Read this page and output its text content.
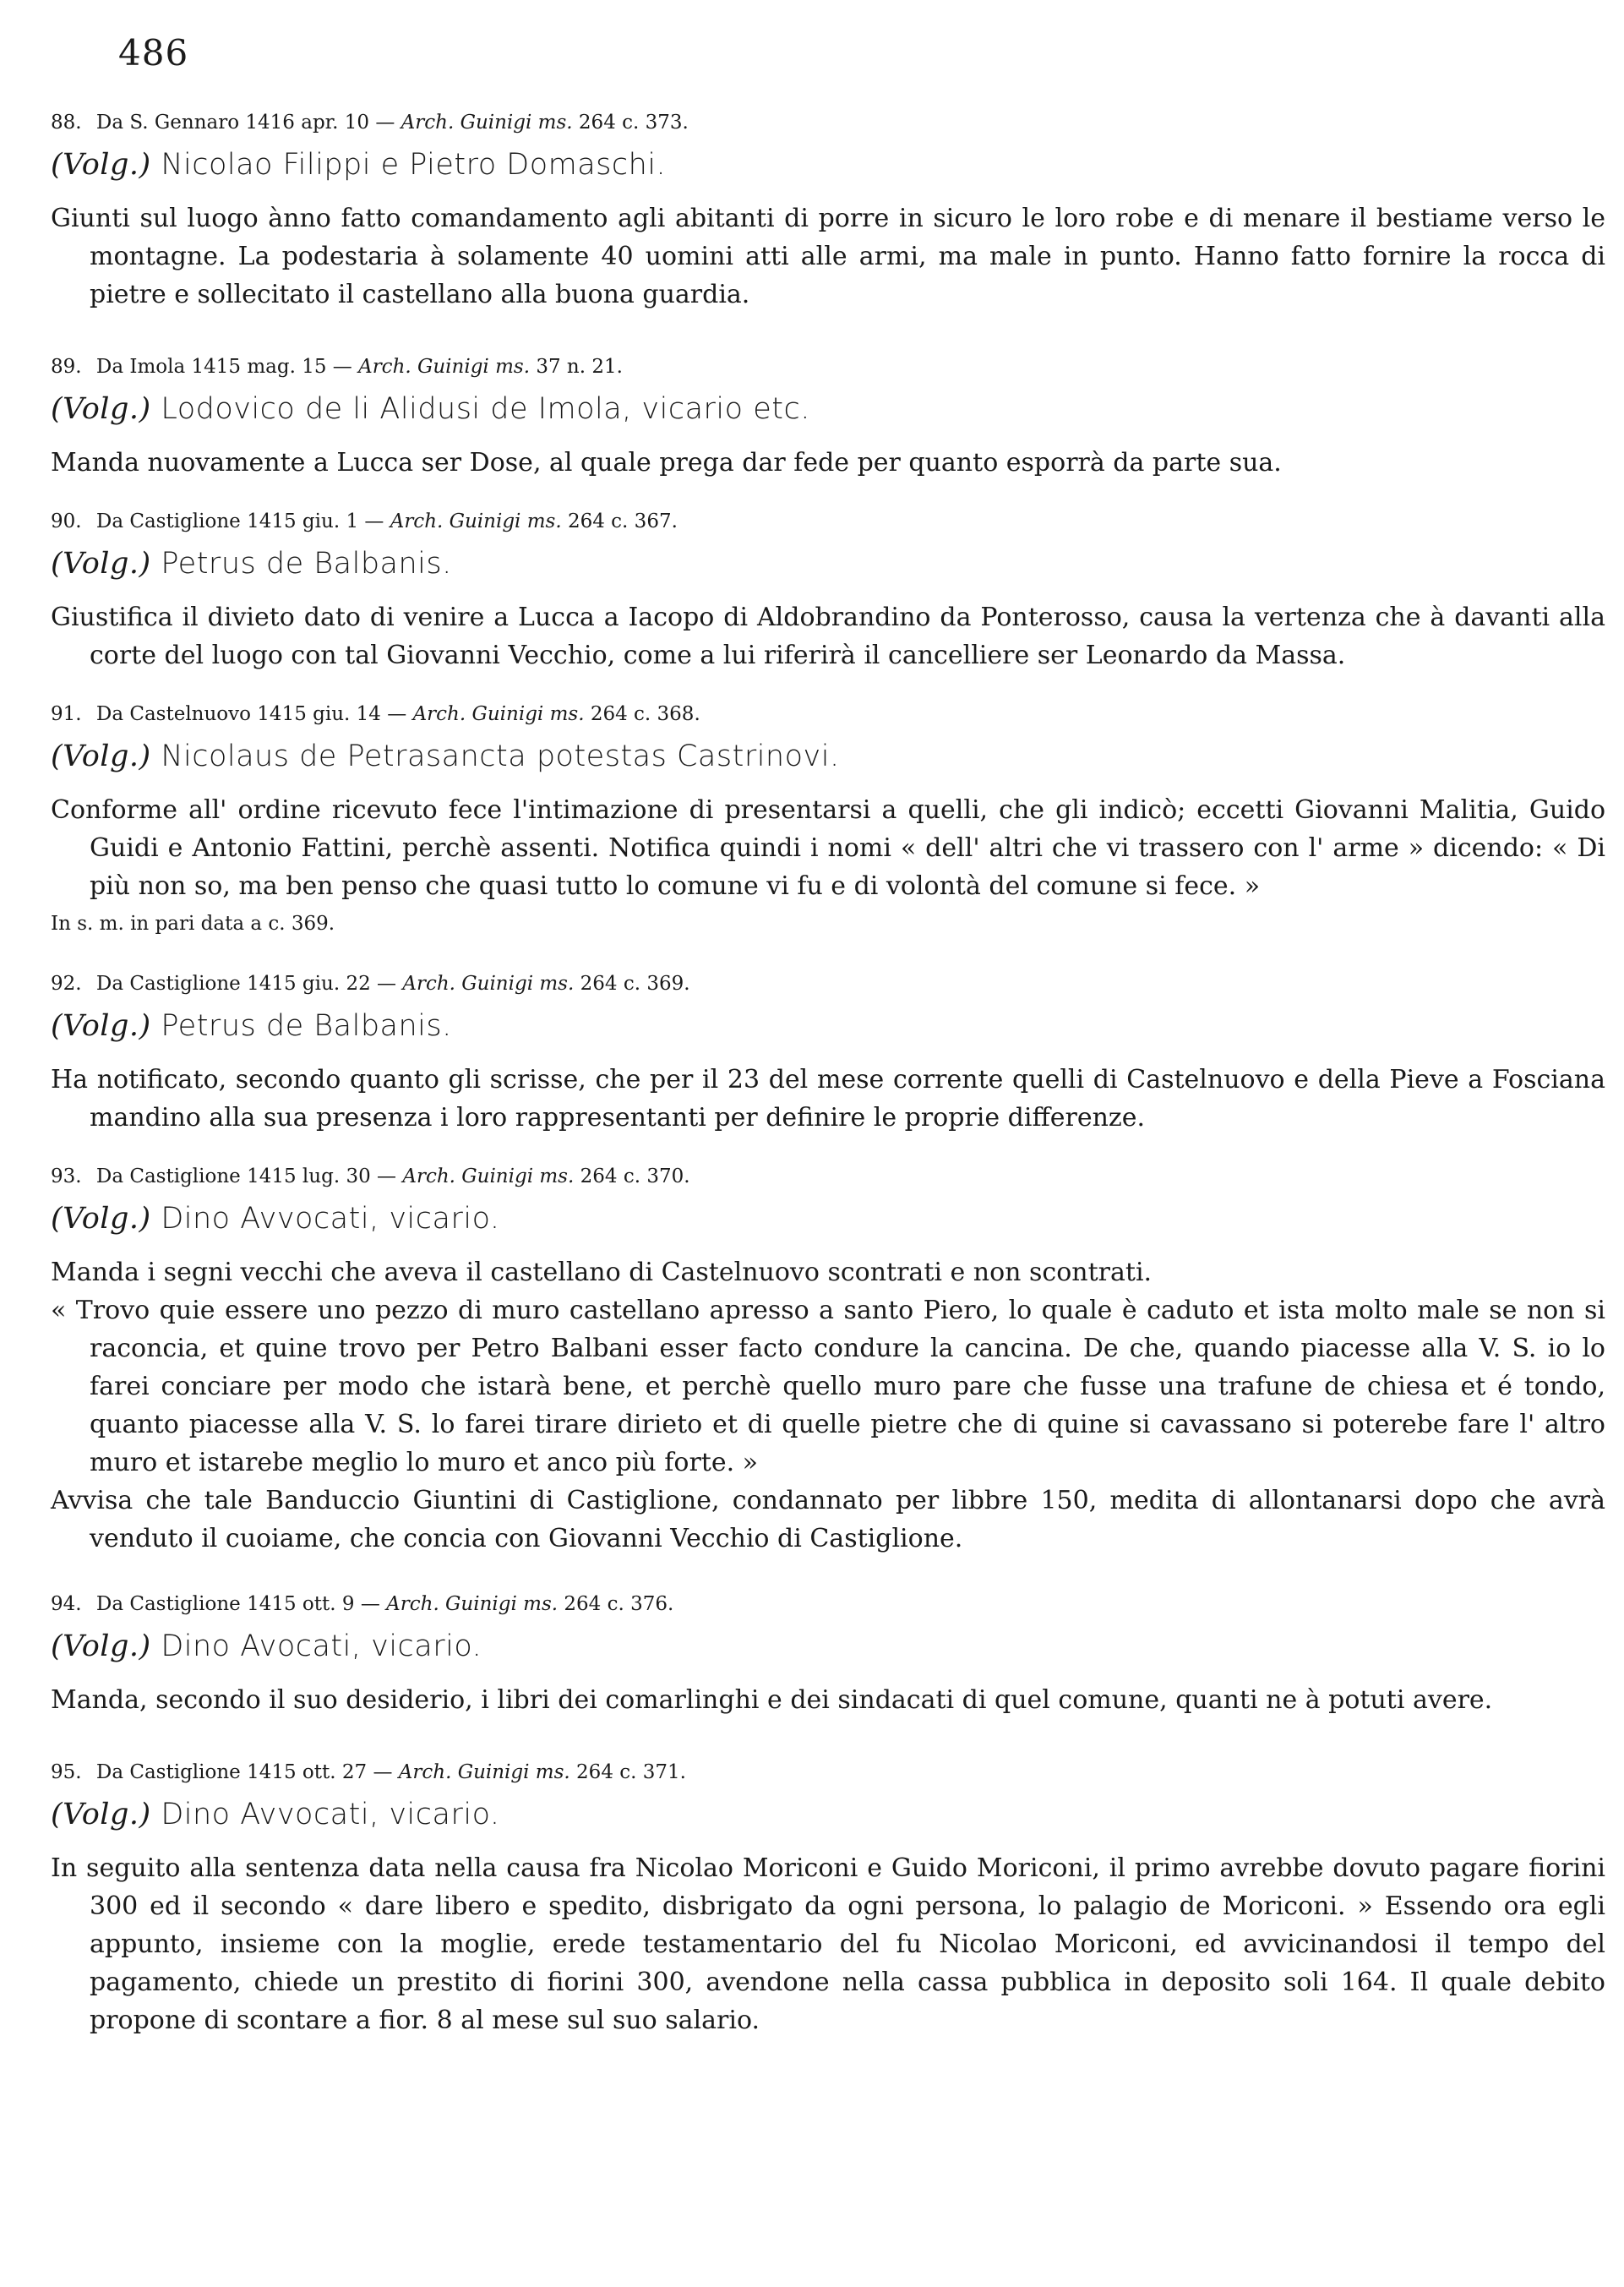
486

88. Da S. Gennaro 1416 apr. 10 — Arch. Guinigi ms. 264 c. 373.

(Volg.) Nicolao Filippi e Pietro Domaschi.

Giunti sul luogo ànno fatto comandamento agli abitanti di porre in sicuro le loro robe e di menare il bestiame verso le montagne. La podestaria à solamente 40 uomini atti alle armi, ma male in punto. Hanno fatto fornire la rocca di pietre e sollecitato il castellano alla buona guardia.

89. Da Imola 1415 mag. 15 — Arch. Guinigi ms. 37 n. 21.

(Volg.) Lodovico de li Alidusi de Imola, vicario etc.

Manda nuovamente a Lucca ser Dose, al quale prega dar fede per quanto esporrà da parte sua.

90. Da Castiglione 1415 giu. 1 — Arch. Guinigi ms. 264 c. 367.

(Volg.) Petrus de Balbanis.

Giustifica il divieto dato di venire a Lucca a Iacopo di Aldobrandino da Ponterosso, causa la vertenza che à davanti alla corte del luogo con tal Giovanni Vecchio, come a lui riferirà il cancelliere ser Leonardo da Massa.

91. Da Castelnuovo 1415 giu. 14 — Arch. Guinigi ms. 264 c. 368.

(Volg.) Nicolaus de Petrasancta potestas Castrinovi.

Conforme all' ordine ricevuto fece l'intimazione di presentarsi a quelli, che gli indicò; eccetti Giovanni Malitia, Guido Guidi e Antonio Fattini, perchè assenti. Notifica quindi i nomi « dell' altri che vi trassero con l' arme » dicendo: « Di più non so, ma ben penso che quasi tutto lo comune vi fu e di volontà del comune si fece. »

In s. m. in pari data a c. 369.

92. Da Castiglione 1415 giu. 22 — Arch. Guinigi ms. 264 c. 369.

(Volg.) Petrus de Balbanis.

Ha notificato, secondo quanto gli scrisse, che per il 23 del mese corrente quelli di Castelnuovo e della Pieve a Fosciana mandino alla sua presenza i loro rappresentanti per definire le proprie differenze.

93. Da Castiglione 1415 lug. 30 — Arch. Guinigi ms. 264 c. 370.

(Volg.) Dino Avvocati, vicario.

Manda i segni vecchi che aveva il castellano di Castelnuovo scontrati e non scontrati.

« Trovo quie essere uno pezzo di muro castellano apresso a santo Piero, lo quale è caduto et ista molto male se non si raconcia, et quine trovo per Petro Balbani esser facto condure la cancina. De che, quando piacesse alla V. S. io lo farei conciare per modo che istarà bene, et perchè quello muro pare che fusse una trafune de chiesa et é tondo, quanto piacesse alla V. S. lo farei tirare dirieto et di quelle pietre che di quine si cavassano si poterebe fare l' altro muro et istarebe meglio lo muro et anco più forte. »

Avvisa che tale Banduccio Giuntini di Castiglione, condannato per libbre 150, medita di allontanarsi dopo che avrà venduto il cuoiame, che concia con Giovanni Vecchio di Castiglione.

94. Da Castiglione 1415 ott. 9 — Arch. Guinigi ms. 264 c. 376.

(Volg.) Dino Avocati, vicario.

Manda, secondo il suo desiderio, i libri dei comarlinghi e dei sindacati di quel comune, quanti ne à potuti avere.

95. Da Castiglione 1415 ott. 27 — Arch. Guinigi ms. 264 c. 371.

(Volg.) Dino Avvocati, vicario.

In seguito alla sentenza data nella causa fra Nicolao Moriconi e Guido Moriconi, il primo avrebbe dovuto pagare fiorini 300 ed il secondo « dare libero e spedito, disbrigato da ogni persona, lo palagio de Moriconi. » Essendo ora egli appunto, insieme con la moglie, erede testamentario del fu Nicolao Moriconi, ed avvicinandosi il tempo del pagamento, chiede un prestito di fiorini 300, avendone nella cassa pubblica in deposito soli 164. Il quale debito propone di scontare a fior. 8 al mese sul suo salario.
